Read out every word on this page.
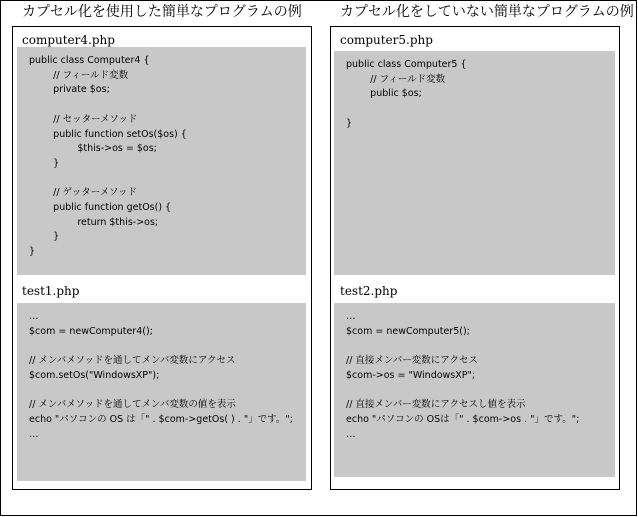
カプセル化を使用した簡単なプログラムの例
computer4.php
public class Computer4 {
// フィールド変数
private $os;

// セッターメソッド
public function setOs($os) {
$this->os = $os;
}

// ゲッターメソッド
public function getOs() {
return $this->os;
}
}
test1.php
…
$com = newComputer4();

// メンバメソッドを通してメンバ変数にアクセス
$com.setOs("WindowsXP");

// メンバメソッドを通してメンバ変数の値を表示
echo "パソコンの OS は「" . $com->getOs( ) . "」です。";
…
カプセル化をしていない簡単なプログラムの例
computer5.php
public class Computer5 {
// フィールド変数
public $os;

}
test2.php
…
$com = newComputer5();

// 直接メンバー変数にアクセス
$com->os = "WindowsXP";

// 直接メンバー変数にアクセスし値を表示
echo "パソコンの OSは「" . $com->os . "」です。";
…
